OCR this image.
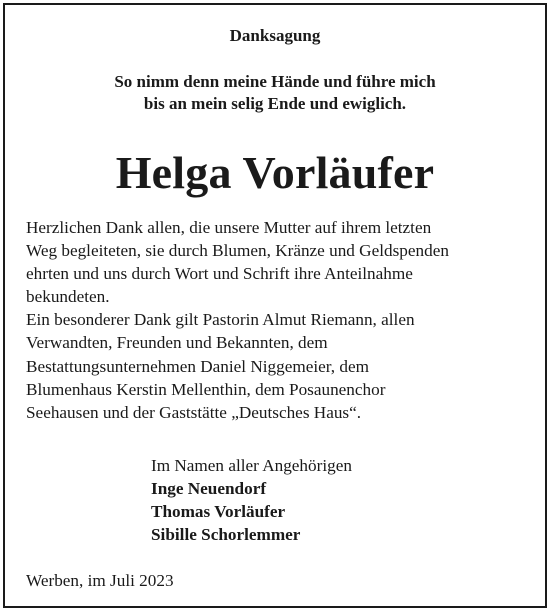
Danksagung
So nimm denn meine Hände und führe mich
bis an mein selig Ende und ewiglich.
Helga Vorläufer
Herzlichen Dank allen, die unsere Mutter auf ihrem letzten
Weg begleiteten, sie durch Blumen, Kränze und Geldspenden
ehrten und uns durch Wort und Schrift ihre Anteilnahme
bekundeten.
Ein besonderer Dank gilt Pastorin Almut Riemann, allen
Verwandten, Freunden und Bekannten, dem
Bestattungsunternehmen Daniel Niggemeier, dem
Blumenhaus Kerstin Mellenthin, dem Posaunenchor
Seehausen und der Gaststätte „Deutsches Haus“.
Im Namen aller Angehörigen
Inge Neuendorf
Thomas Vorläufer
Sibille Schorlemmer
Werben, im Juli 2023
